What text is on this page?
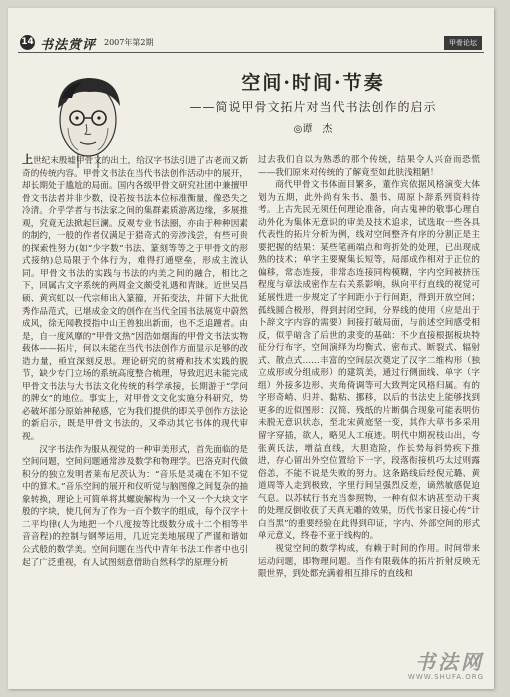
14 书法赏评 2007年第2期	甲骨论坛
空间·时间·节奏
——简说甲骨文拓片对当代书法创作的启示
◎谭　杰

上世纪末殷墟甲骨文的出土，给汉字书法引进了古老而又新奇的传统内容。甲骨文书法在当代书法创作活动中的展开，却长期处于尴尬的局面。国内各级甲骨文研究社团中兼擅甲骨文书法者并非少数，设若按书法本位标准衡量，像恐失之冷清。介乎学者与书法家之间的集群素质游离边缘，多展推观，究竟无法掀起巨澜。反观专业书法圈，亦由于种种因素的制约，一般的作者仅满足于猎奇式的旁涉浅尝，有些可贵的探索性努力(如“少字数”书法、篆刻等等之于甲骨文的形式接纳)总局限于个体行为，难得打通壁垒，形成主流认同。甲骨文书法的实践与书法的内美之间的融合，相比之下，回属古文字系统的两周金文颇受礼遇和青睐。近世吴昌硕、黄宾虹以一代宗师出入篆籀，开拓变法，并留下大批优秀作品范式，已堪成金文的创作在当代全国书法展览中蔚然成风，徐无闻教授指中山王兽独出新面，也不乏追踵者。由是，自一度风靡的“甲骨文热”因浩如烟海的甲骨文书法实物载体——拓片，何以未能在当代书法创作方面显示足够的改造力量，亟宜深刻反思。理论研究的贫瘠和技术实践的脱节，缺少专门立场的系统高度整合梳理，导致迟迟未能完成甲骨文书法与大书法文化传统的科学承接，长期游于“学问的牌女”的地位。事实上，对甲骨文文化实施分科研究，势必破坏部分原始神秘感，它为我们提供的即关乎创作方法论的新启示，既是甲骨文书法的，又牵动其它书体的现代审视。

汉字书法作为服从视觉的一种审美形式，首先面临的是空间问题，空间问题通常涉及数学和物理学。巴洛克时代做积分的独立发明者莱布尼茨认为：“音乐是灵魂在不知不觉中的算术。”音乐空间的展开和仪听觉与脑图像之间复杂的抽象转换，理论上可简单将其螺旋解构为一个又一个大块文字般的字块，使几何为了作为一百个数字的组成，每个汉字十二平均律(人为地把一个八度按等比级数分成十二个相等半音音程)的控制与钢琴运用，几近完美地展现了严谨和谐如公式般的数学美。空间问题在当代中青年书法工作者中也引起了广泛重视，有人试图刻意借助自然科学的原理分析

过去我们自以为熟悉的那个传统，结果令人兴奋而恐慌——我们原来对传统的了解竟至如此肤浅粗陋！

商代甲骨文书体面目繁多，董作宾依据风格演变大体划为五期，此外尚有朱书、墨书、周原卜辞系列资料待考。上古先民无须任何理论准备，向古鬼神的敬事心理自动外化为集体无意识的审美及技术追求，试选取一些各具代表性的拓片分析为例，线对空间整齐有序的分割正是主要把握的结果：某些笔画端点和弯折处的处理，已出现成熟的技术；单字主要聚集长短等，局部成作相对于正位的偏移，常态连接，非常态连接同构模糊，字内空间被挤压程度与章法成密作左右关系影响，纵向平行直线的视觉可延展性进一步规定了字间距小于行间距，得到开放空间；孤线圆合极形，得到封闭空间，分界线的使用（应是出于卜辞文字内容的需要）间接打破局面，与前述空间感受相反，似乎暗含了后世的隶变的基础：不少直接根据板块特征分行布字，空间演绎为均衡式、密布式、断裂式、辐射式、散点式……丰富的空间层次奠定了汉字二维构形（独立成形或分组成形）的建筑美，通过行侧面线、单字（字组）外接多边形、夹角倚调等可大致判定风格归属。有的字形奇峭、归并、黏粘、挪移，以后的书法史上能够找到更多的近似图形：汉简、残纸的片断偶合现象可能表明仿未脱无意识状态，至北宋黄庭坚一变，其作大草书多采用留字穿插，欲人，略见人工痕迹。明代中期祝枝山出，夸张黄氏法，增益直线，大胆造险，作长势每斜势疾下推进，存心留出外空位置给下一字，段落衔接机巧太过则露俗恙，不能不说是失败的努力。这条路线后经倪元璐、黄道周等人走到极致，字里行间呈强烈反差，谪然敏感促迫气息。以苏轼行书充当参照物，一种有似木讷甚至动干爽的处理反倒收获了天真无雕的效果，历代书家日接心传“计白当黑”的重要经验在此得到印证，字内、外部空间的形式单元意义，终卷不亚于线构的。

视觉空间的数学构成，有赖于时间的作用。时间带来运动问题，即物理问题。当作有限载体的拓片折射反映无限世界，到处都充满着相互排斥的直线和

书法网
WWW.SHUFA.ORG
